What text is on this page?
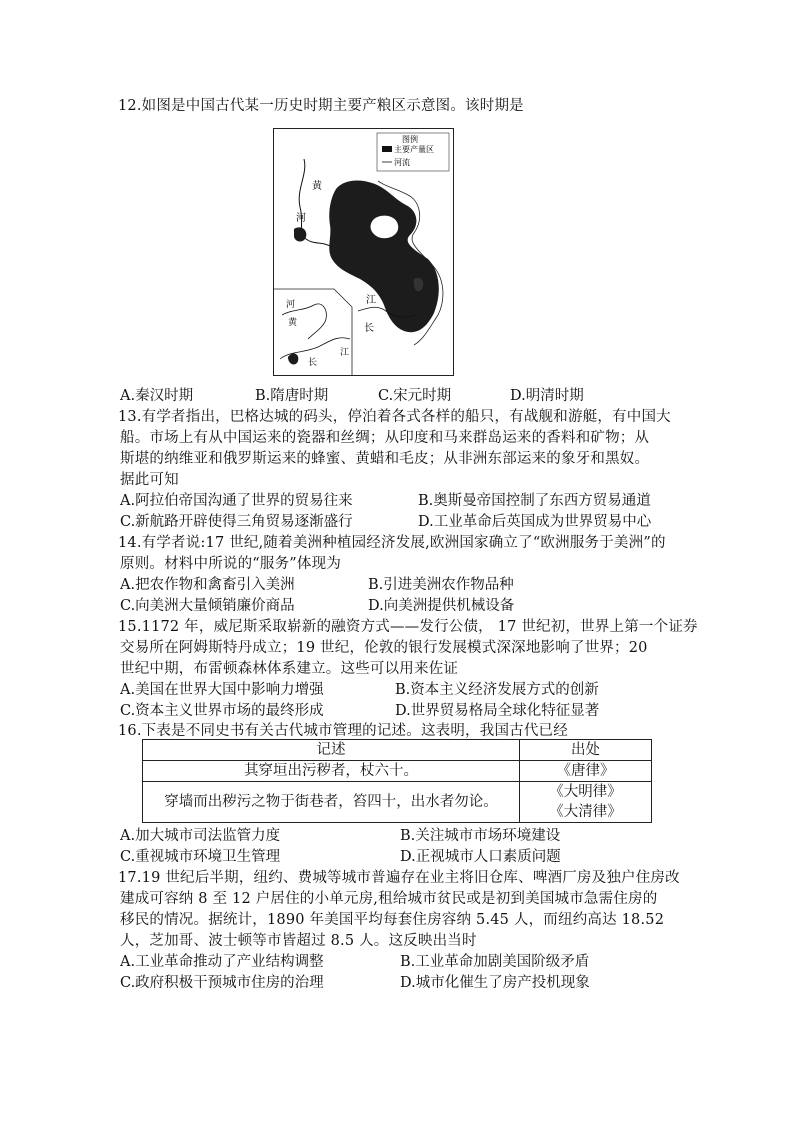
12.如图是中国古代某一历史时期主要产粮区示意图。该时期是
图例
主要产量区
河流
黄
河
江
长
河
黄
长
江
A.秦汉时期	B.隋唐时期	C.宋元时期	D.明清时期
13.有学者指出，巴格达城的码头，停泊着各式各样的船只，有战舰和游艇，有中国大
船。市场上有从中国运来的瓷器和丝绸；从印度和马来群岛运来的香料和矿物；从
斯堪的纳维亚和俄罗斯运来的蜂蜜、黄蜡和毛皮；从非洲东部运来的象牙和黑奴。
据此可知
A.阿拉伯帝国沟通了世界的贸易往来	B.奥斯曼帝国控制了东西方贸易通道
C.新航路开辟使得三角贸易逐渐盛行	D.工业革命后英国成为世界贸易中心
14.有学者说:17 世纪,随着美洲种植园经济发展,欧洲国家确立了“欧洲服务于美洲”的
原则。材料中所说的“服务”体现为
A.把农作物和禽畜引入美洲	B.引进美洲农作物品种
C.向美洲大量倾销廉价商品	D.向美洲提供机械设备
15.1172 年，威尼斯采取崭新的融资方式——发行公债， 17 世纪初，世界上第一个证券
交易所在阿姆斯特丹成立；19 世纪，伦敦的银行发展模式深深地影响了世界；20
世纪中期，布雷顿森林体系建立。这些可以用来佐证
A.美国在世界大国中影响力增强	B.资本主义经济发展方式的创新
C.资本主义世界市场的最终形成	D.世界贸易格局全球化特征显著
16.下表是不同史书有关古代城市管理的记述。这表明，我国古代已经
记述	出处
其穿垣出污秽者，杖六十。	《唐律》
穿墙而出秽污之物于街巷者，笞四十，出水者勿论。	《大明律》
《大清律》
A.加大城市司法监管力度	B.关注城市市场环境建设
C.重视城市环境卫生管理	D.正视城市人口素质问题
17.19 世纪后半期，纽约、费城等城市普遍存在业主将旧仓库、啤酒厂房及独户住房改
建成可容纳 8 至 12 户居住的小单元房,租给城市贫民或是初到美国城市急需住房的
移民的情况。据统计，1890 年美国平均每套住房容纳 5.45 人，而纽约高达 18.52
人，芝加哥、波士顿等市皆超过 8.5 人。这反映出当时
A.工业革命推动了产业结构调整	B.工业革命加剧美国阶级矛盾
C.政府积极干预城市住房的治理	D.城市化催生了房产投机现象
